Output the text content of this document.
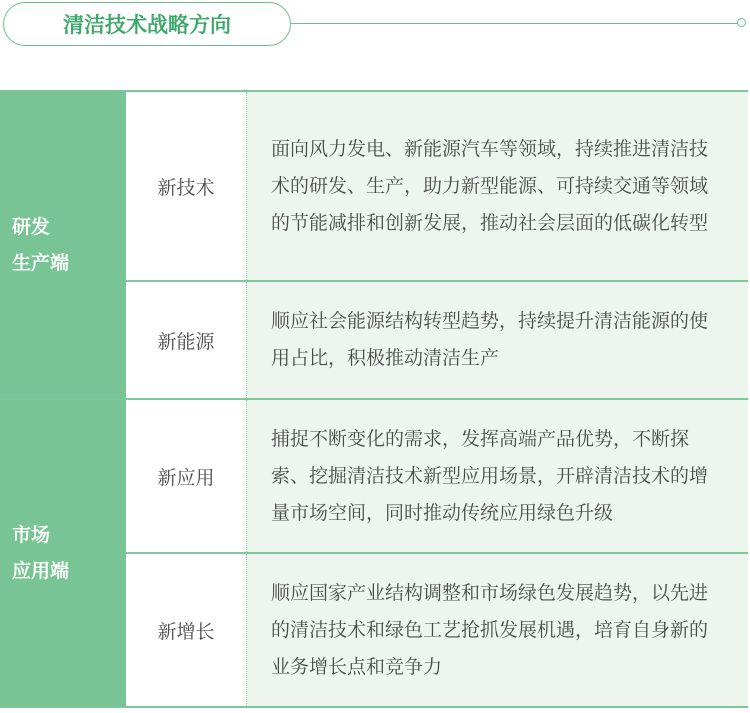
清洁技术战略方向
研发
生产端
新技术

面向风力发电、新能源汽车等领域，持续推进清洁技术的研发、生产，助力新型能源、可持续交通等领域的节能减排和创新发展，推动社会层面的低碳化转型

新能源

顺应社会能源结构转型趋势，持续提升清洁能源的使用占比，积极推动清洁生产

市场
应用端
新应用

捕捉不断变化的需求，发挥高端产品优势，不断探索、挖掘清洁技术新型应用场景，开辟清洁技术的增量市场空间，同时推动传统应用绿色升级

新增长

顺应国家产业结构调整和市场绿色发展趋势，以先进的清洁技术和绿色工艺抢抓发展机遇，培育自身新的业务增长点和竞争力
